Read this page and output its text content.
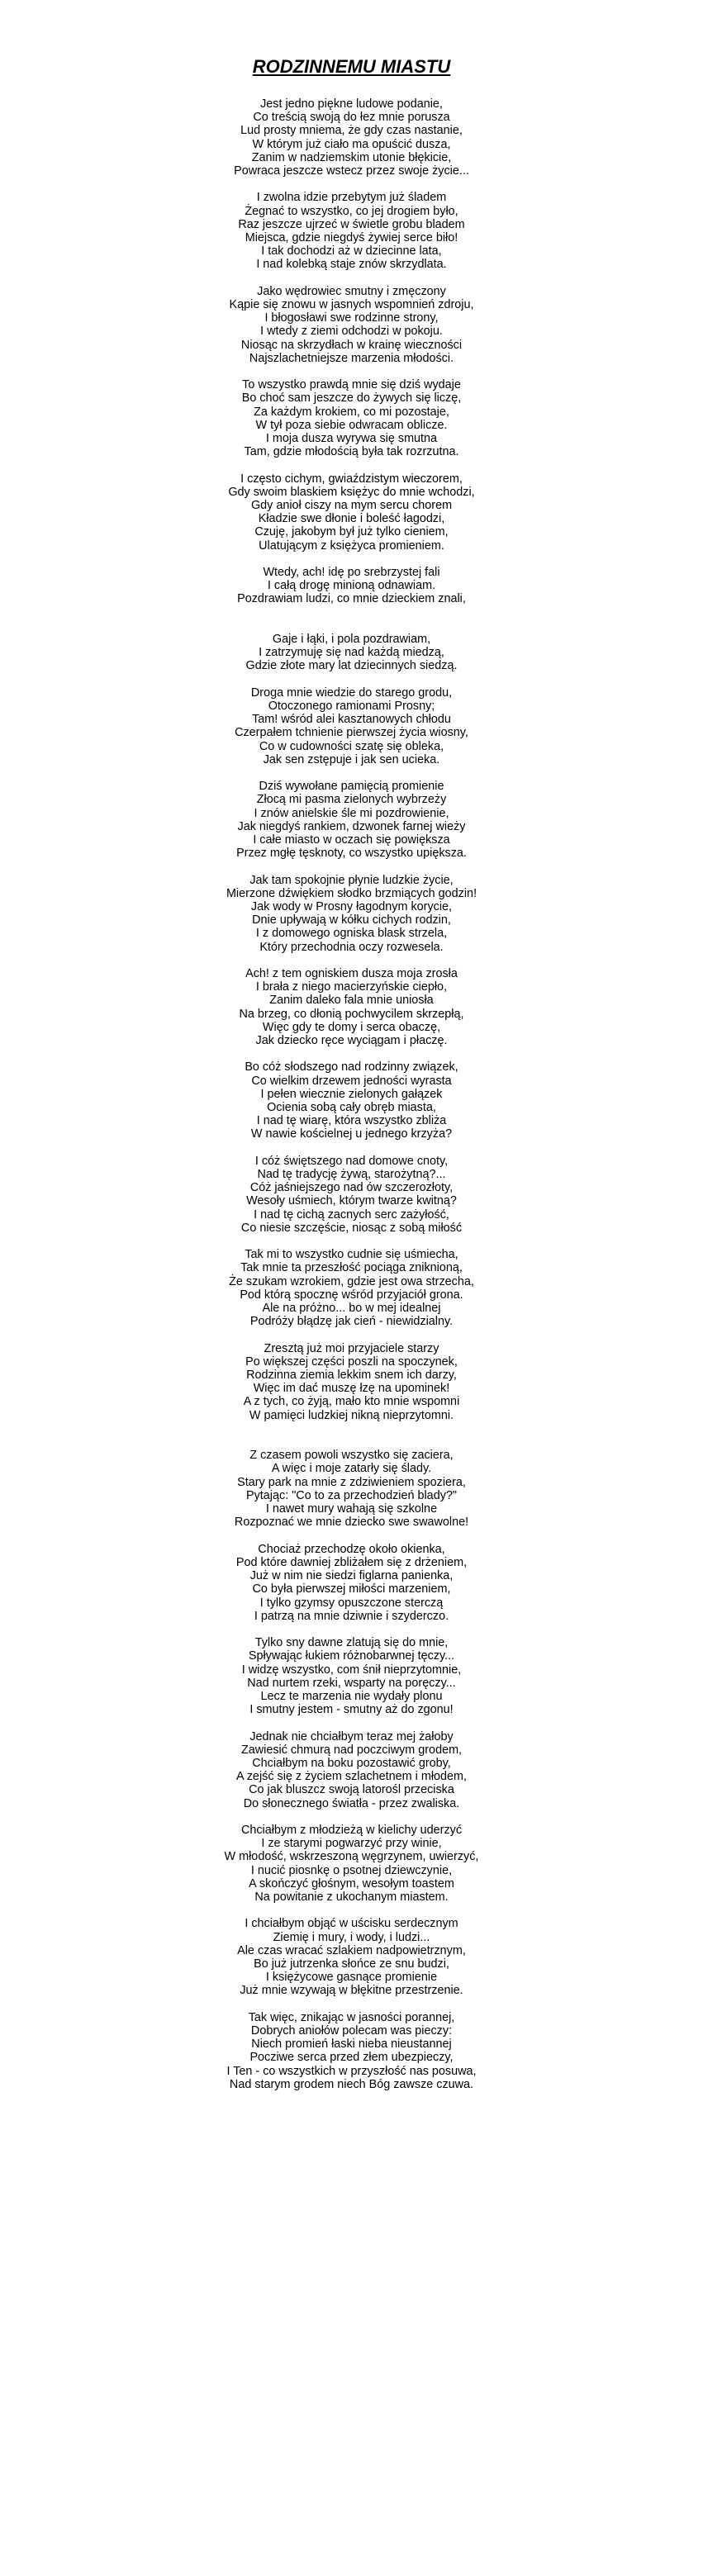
RODZINNEMU MIASTU
Jest jedno piękne ludowe podanie,
Co treścią swoją do łez mnie porusza
Lud prosty mniema, że gdy czas nastanie,
W którym już ciało ma opuścić dusza,
Zanim w nadziemskim utonie błękicie,
Powraca jeszcze wstecz przez swoje życie...
I zwolna idzie przebytym już śladem
Żegnać to wszystko, co jej drogiem było,
Raz jeszcze ujrzeć w świetle grobu bladem
Miejsca, gdzie niegdyś żywiej serce biło!
I tak dochodzi aż w dziecinne lata,
I nad kolebką staje znów skrzydlata.
Jako wędrowiec smutny i zmęczony
Kąpie się znowu w jasnych wspomnień zdroju,
I błogosławi swe rodzinne strony,
I wtedy z ziemi odchodzi w pokoju.
Niosąc na skrzydłach w krainę wieczności
Najszlachetniejsze marzenia młodości.
To wszystko prawdą mnie się dziś wydaje
Bo choć sam jeszcze do żywych się liczę,
Za każdym krokiem, co mi pozostaje,
W tył poza siebie odwracam oblicze.
I moja dusza wyrywa się smutna
Tam, gdzie młodością była tak rozrzutna.
I często cichym, gwiaździstym wieczorem,
Gdy swoim blaskiem księżyc do mnie wchodzi,
Gdy anioł ciszy na mym sercu chorem
Kładzie swe dłonie i boleść łagodzi,
Czuję, jakobym był już tylko cieniem,
Ulatującym z księżyca promieniem.
Wtedy, ach! idę po srebrzystej fali
I całą drogę minioną odnawiam.
Pozdrawiam ludzi, co mnie dzieckiem znali,
Gaje i łąki, i pola pozdrawiam,
I zatrzymuję się nad każdą miedzą,
Gdzie złote mary lat dziecinnych siedzą.
Droga mnie wiedzie do starego grodu,
Otoczonego ramionami Prosny;
Tam! wśród alei kasztanowych chłodu
Czerpałem tchnienie pierwszej życia wiosny,
Co w cudowności szatę się obleka,
Jak sen zstępuje i jak sen ucieka.
Dziś wywołane pamięcią promienie
Złocą mi pasma zielonych wybrzeży
I znów anielskie śle mi pozdrowienie,
Jak niegdyś rankiem, dzwonek farnej wieży
I całe miasto w oczach się powiększa
Przez mgłę tęsknoty, co wszystko upiększa.
Jak tam spokojnie płynie ludzkie życie,
Mierzone dźwiękiem słodko brzmiących godzin!
Jak wody w Prosny łagodnym korycie,
Dnie upływają w kółku cichych rodzin,
I z domowego ogniska blask strzela,
Który przechodnia oczy rozwesela.
Ach! z tem ogniskiem dusza moja zrosła
I brała z niego macierzyńskie ciepło,
Zanim daleko fala mnie uniosła
Na brzeg, co dłonią pochwycilem skrzepłą,
Więc gdy te domy i serca obaczę,
Jak dziecko ręce wyciągam i płaczę.
Bo cóż słodszego nad rodzinny związek,
Co wielkim drzewem jedności wyrasta
I pełen wiecznie zielonych gałązek
Ocienia sobą cały obręb miasta,
I nad tę wiarę, która wszystko zbliża
W nawie kościelnej u jednego krzyża?
I cóż świętszego nad domowe cnoty,
Nad tę tradycję żywą, starożytną?...
Cóż jaśniejszego nad ów szczerozłoty,
Wesoły uśmiech, którym twarze kwitną?
I nad tę cichą zacnych serc zażyłość,
Co niesie szczęście, niosąc z sobą miłość
Tak mi to wszystko cudnie się uśmiecha,
Tak mnie ta przeszłość pociąga zniknioną,
Że szukam wzrokiem, gdzie jest owa strzecha,
Pod którą spocznę wśród przyjaciół grona.
Ale na próżno... bo w mej idealnej
Podróży błądzę jak cień - niewidzialny.
Zresztą już moi przyjaciele starzy
Po większej części poszli na spoczynek,
Rodzinna ziemia lekkim snem ich darzy,
Więc im dać muszę łzę na upominek!
A z tych, co żyją, mało kto mnie wspomni
W pamięci ludzkiej nikną nieprzytomni.
Z czasem powoli wszystko się zaciera,
A więc i moje zatarły się ślady.
Stary park na mnie z zdziwieniem spoziera,
Pytając: "Co to za przechodzień blady?"
I nawet mury wahają się szkolne
Rozpoznać we mnie dziecko swe swawolne!
Chociaż przechodzę około okienka,
Pod które dawniej zbliżałem się z drżeniem,
Już w nim nie siedzi figlarna panienka,
Co była pierwszej miłości marzeniem,
I tylko gzymsy opuszczone sterczą
I patrzą na mnie dziwnie i szyderczo.
Tylko sny dawne zlatują się do mnie,
Spływając łukiem różnobarwnej tęczy...
I widzę wszystko, com śnił nieprzytomnie,
Nad nurtem rzeki, wsparty na poręczy...
Lecz te marzenia nie wydały plonu
I smutny jestem - smutny aż do zgonu!
Jednak nie chciałbym teraz mej żałoby
Zawiesić chmurą nad poczciwym grodem,
Chciałbym na boku pozostawić groby,
A zejść się z życiem szlachetnem i młodem,
Co jak bluszcz swoją latorośl przeciska
Do słonecznego światła - przez zwaliska.
Chciałbym z młodzieżą w kielichy uderzyć
I ze starymi pogwarzyć przy winie,
W młodość, wskrzeszoną węgrzynem, uwierzyć,
I nucić piosnkę o psotnej dziewczynie,
A skończyć głośnym, wesołym toastem
Na powitanie z ukochanym miastem.
I chciałbym objąć w uścisku serdecznym
Ziemię i mury, i wody, i ludzi...
Ale czas wracać szlakiem nadpowietrznym,
Bo już jutrzenka słońce ze snu budzi,
I księżycowe gasnące promienie
Już mnie wzywają w błękitne przestrzenie.
Tak więc, znikając w jasności porannej,
Dobrych aniołów polecam was pieczy:
Niech promień łaski nieba nieustannej
Pocziwe serca przed złem ubezpieczy,
I Ten - co wszystkich w przyszłość nas posuwa,
Nad starym grodem niech Bóg zawsze czuwa.
